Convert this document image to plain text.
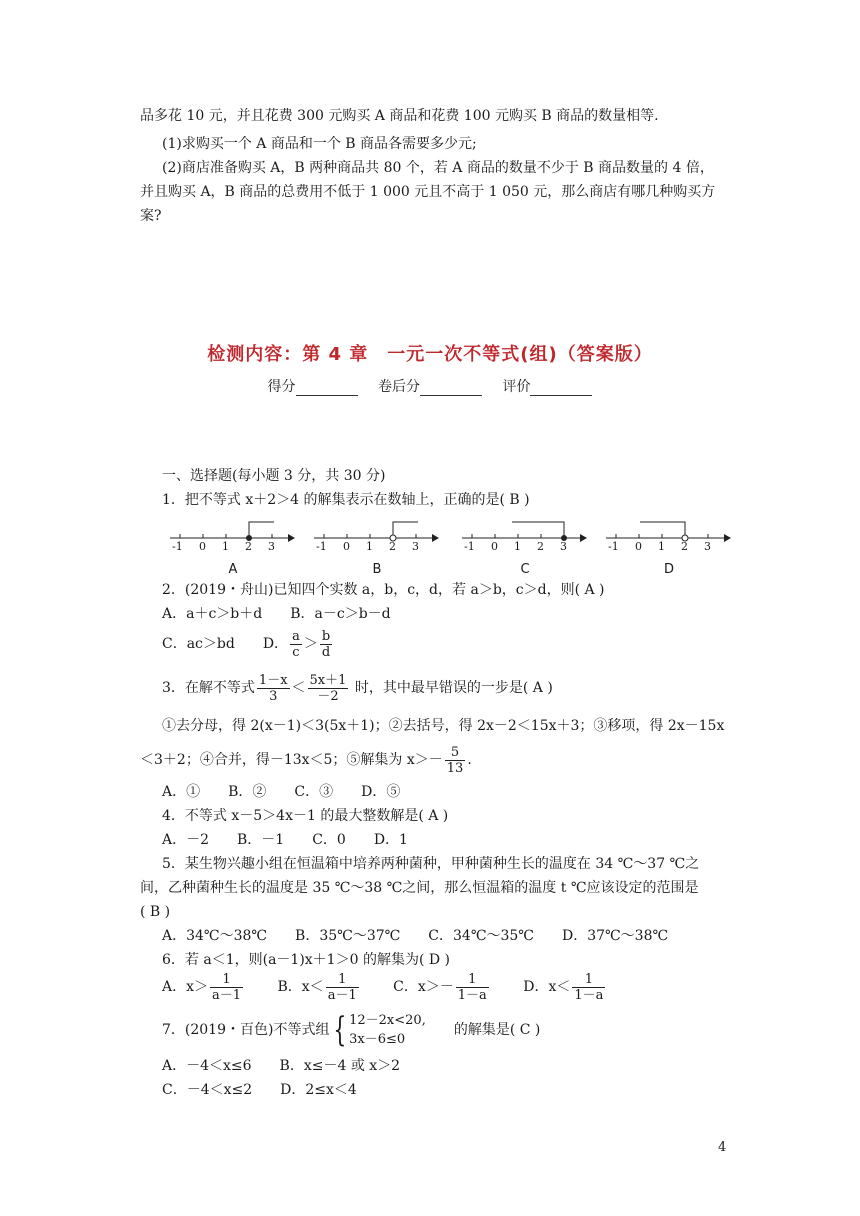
品多花 10 元，并且花费 300 元购买 A 商品和花费 100 元购买 B 商品的数量相等.
(1)求购买一个 A 商品和一个 B 商品各需要多少元;
(2)商店准备购买 A，B 两种商品共 80 个，若 A 商品的数量不少于 B 商品数量的 4 倍，
并且购买 A，B 商品的总费用不低于 1 000 元且不高于 1 050 元，那么商店有哪几种购买方
案?
检测内容：第 4 章　一元一次不等式(组)（答案版）
得分	卷后分	评价
一、选择题(每小题 3 分，共 30 分)
1．把不等式 x＋2＞4 的解集表示在数轴上，正确的是( B )
-1 0 1 2 3
A
-1 0 1 2 3
B
-1 0 1 2 3
C
-1 0 1 2 3
D
2．(2019・舟山)已知四个实数 a，b，c，d，若 a＞b，c＞d，则( A )
A．a＋c＞b＋d　　 B．a－c＞b－d
C．ac＞bd　　 D． $\frac{a}{c} > \frac{b}{d}$
3．在解不等式 $\frac{1-x}{3} < \frac{5x+1}{-2}$ 时，其中最早错误的一步是( A )
①去分母，得 2(x－1)＜3(5x＋1)；②去括号，得 2x－2＜15x＋3；③移项，得 2x－15x
＜3＋2；④合并，得－13x＜5；⑤解集为 $x>- \frac{5}{13}$ .
A．①　　B．②　　C．③　　D．⑤
4．不等式 x－5＞4x－1 的最大整数解是( A )
A．－2　　B．－1　　C．0　　D．1
5．某生物兴趣小组在恒温箱中培养两种菌种，甲种菌种生长的温度在 34 ℃～37 ℃之
间，乙种菌种生长的温度是 35 ℃～38 ℃之间，那么恒温箱的温度 t ℃应该设定的范围是
( B )
A．34℃～38℃　　B．35℃～37℃　　C．34℃～35℃　　D．37℃～38℃
6．若 a＜1，则(a－1)x＋1＞0 的解集为( D )
A．$x> \frac{1}{a-1}$
　　 B．$x< \frac{1}{a-1}$
　　 C．$x>- \frac{1}{1-a}$
　　 D．$x< \frac{1}{1-a}$
7．(2019・百色)不等式组 { 12－2x<20,
3x－6≤0
　　的解集是( C )
A．－4＜x≤6　　B．x≤－4 或 x＞2
C．－4＜x≤2　　D．2≤x＜4
4
